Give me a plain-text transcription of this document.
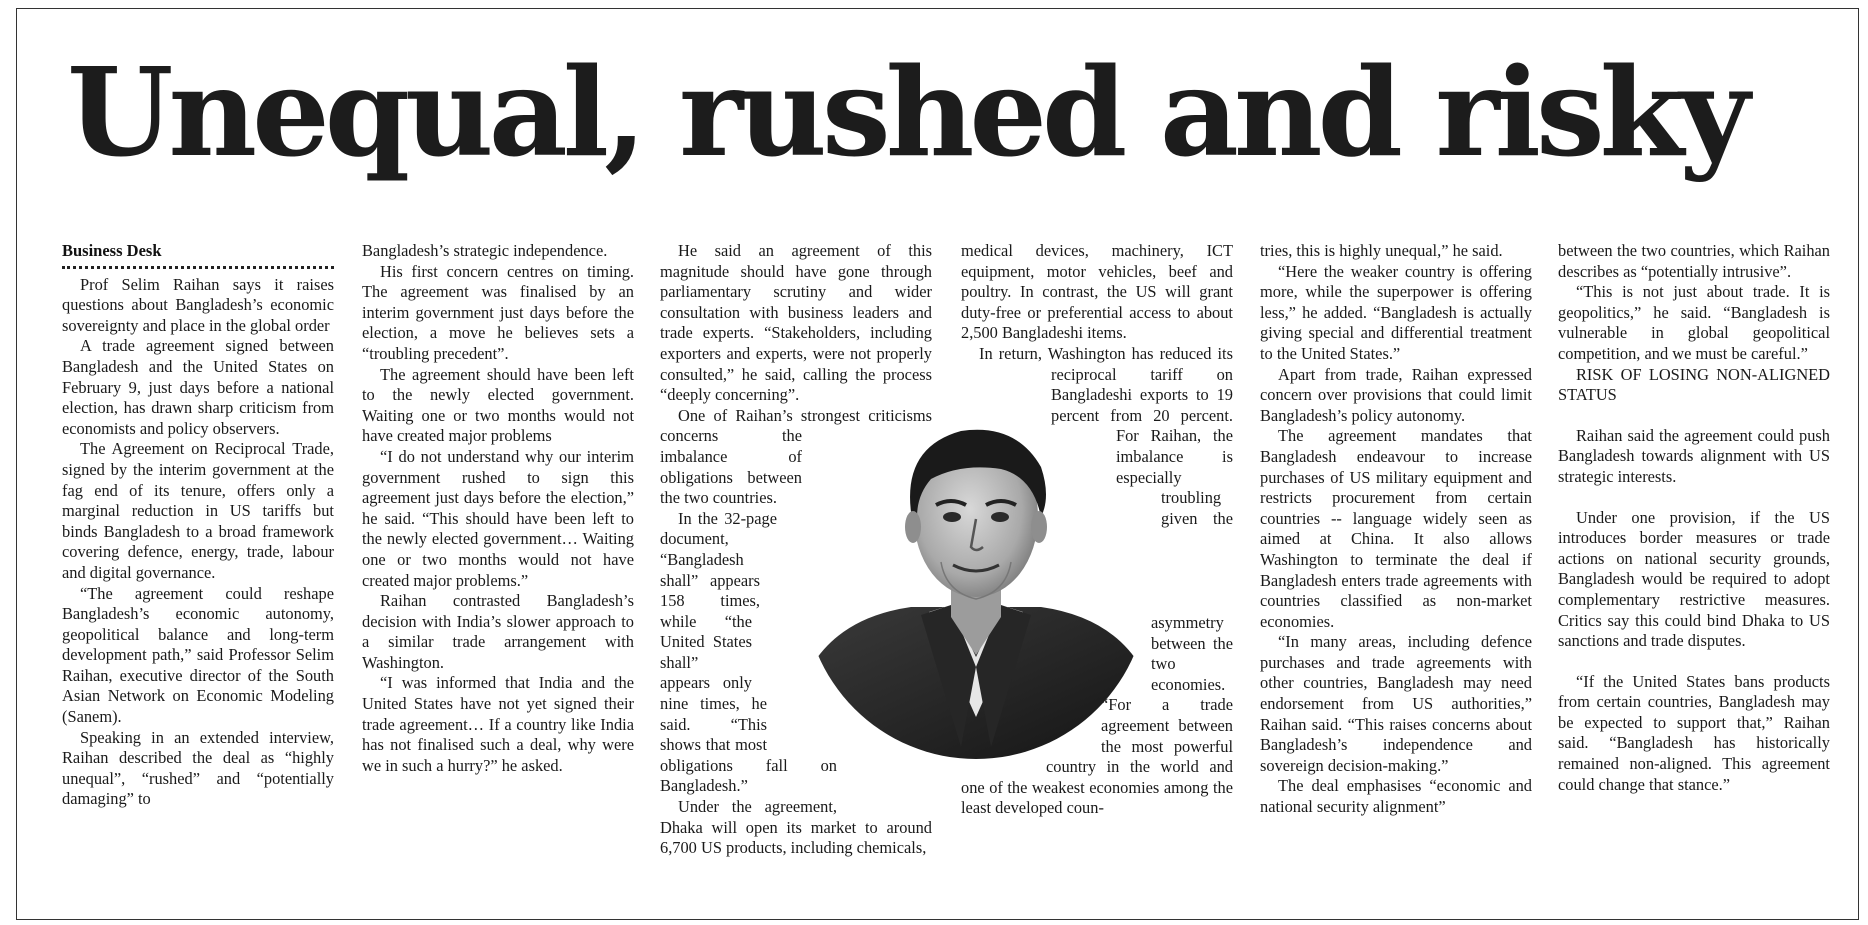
Unequal, rushed and risky
Business Desk

Prof Selim Raihan says it raises questions about Bangladesh’s economic sovereignty and place in the global order

A trade agreement signed between Bangladesh and the United States on February 9, just days before a national election, has drawn sharp criticism from economists and policy observers.

The Agreement on Reciprocal Trade, signed by the interim government at the fag end of its tenure, offers only a marginal reduction in US tariffs but binds Bangladesh to a broad framework covering defence, energy, trade, labour and digital governance.

“The agreement could reshape Bangladesh’s economic autonomy, geopolitical balance and long-term development path,” said Professor Selim Raihan, executive director of the South Asian Network on Economic Modeling (Sanem).

Speaking in an extended interview, Raihan described the deal as “highly unequal”, “rushed” and “potentially damaging” to

Bangladesh’s strategic independence.

His first concern centres on timing. The agreement was finalised by an interim government just days before the election, a move he believes sets a “troubling precedent”.

The agreement should have been left to the newly elected government. Waiting one or two months would not have created major problems

“I do not understand why our interim government rushed to sign this agreement just days before the election,” he said. “This should have been left to the newly elected government… Waiting one or two months would not have created major problems.”

Raihan contrasted Bangladesh’s decision with India’s slower approach to a similar trade arrangement with Washington.

“I was informed that India and the United States have not yet signed their trade agreement… If a country like India has not finalised such a deal, why were we in such a hurry?” he asked.

He said an agreement of this magnitude should have gone through parliamentary scrutiny and wider consultation with business leaders and trade experts. “Stakeholders, including exporters and experts, were not properly consulted,” he said, calling the process “deeply concerning”.

One of Raihan’s strongest criticisms concerns the imbalance of obligations between the two countries.

In the 32-page document, “Bangladesh shall” appears 158 times, while “the United States shall” appears only nine times, he said. “This shows that most obligations fall on Bangladesh.”

Under the agreement, Dhaka will open its market to around 6,700 US products, including chemicals,

medical devices, machinery, ICT equipment, motor vehicles, beef and poultry. In contrast, the US will grant duty-free or preferential access to about 2,500 Bangladeshi items.

In return, Washington has reduced its reciprocal tariff on Bangladeshi exports to 19 percent from 20 percent. For Raihan, the imbalance is especially troubling given the asymmetry between the two economies. “For a trade agreement between the most powerful country in the world and one of the weakest economies among the least developed coun-

tries, this is highly unequal,” he said.

“Here the weaker country is offering more, while the superpower is offering less,” he added. “Bangladesh is actually giving special and differential treatment to the United States.”

Apart from trade, Raihan expressed concern over provisions that could limit Bangladesh’s policy autonomy.

The agreement mandates that Bangladesh endeavour to increase purchases of US military equipment and restricts procurement from certain countries -- language widely seen as aimed at China. It also allows Washington to terminate the deal if Bangladesh enters trade agreements with countries classified as non-market economies.

“In many areas, including defence purchases and trade agreements with other countries, Bangladesh may need endorsement from US authorities,” Raihan said. “This raises concerns about Bangladesh’s independence and sovereign decision-making.”

The deal emphasises “economic and national security alignment”

between the two countries, which Raihan describes as “potentially intrusive”.

“This is not just about trade. It is geopolitics,” he said. “Bangladesh is vulnerable in global geopolitical competition, and we must be careful.”

RISK OF LOSING NON-ALIGNED STATUS

Raihan said the agreement could push Bangladesh towards alignment with US strategic interests.

Under one provision, if the US introduces border measures or trade actions on national security grounds, Bangladesh would be required to adopt complementary restrictive measures. Critics say this could bind Dhaka to US sanctions and trade disputes.

“If the United States bans products from certain countries, Bangladesh may be expected to support that,” Raihan said. “Bangladesh has historically remained non-aligned. This agreement could change that stance.”
